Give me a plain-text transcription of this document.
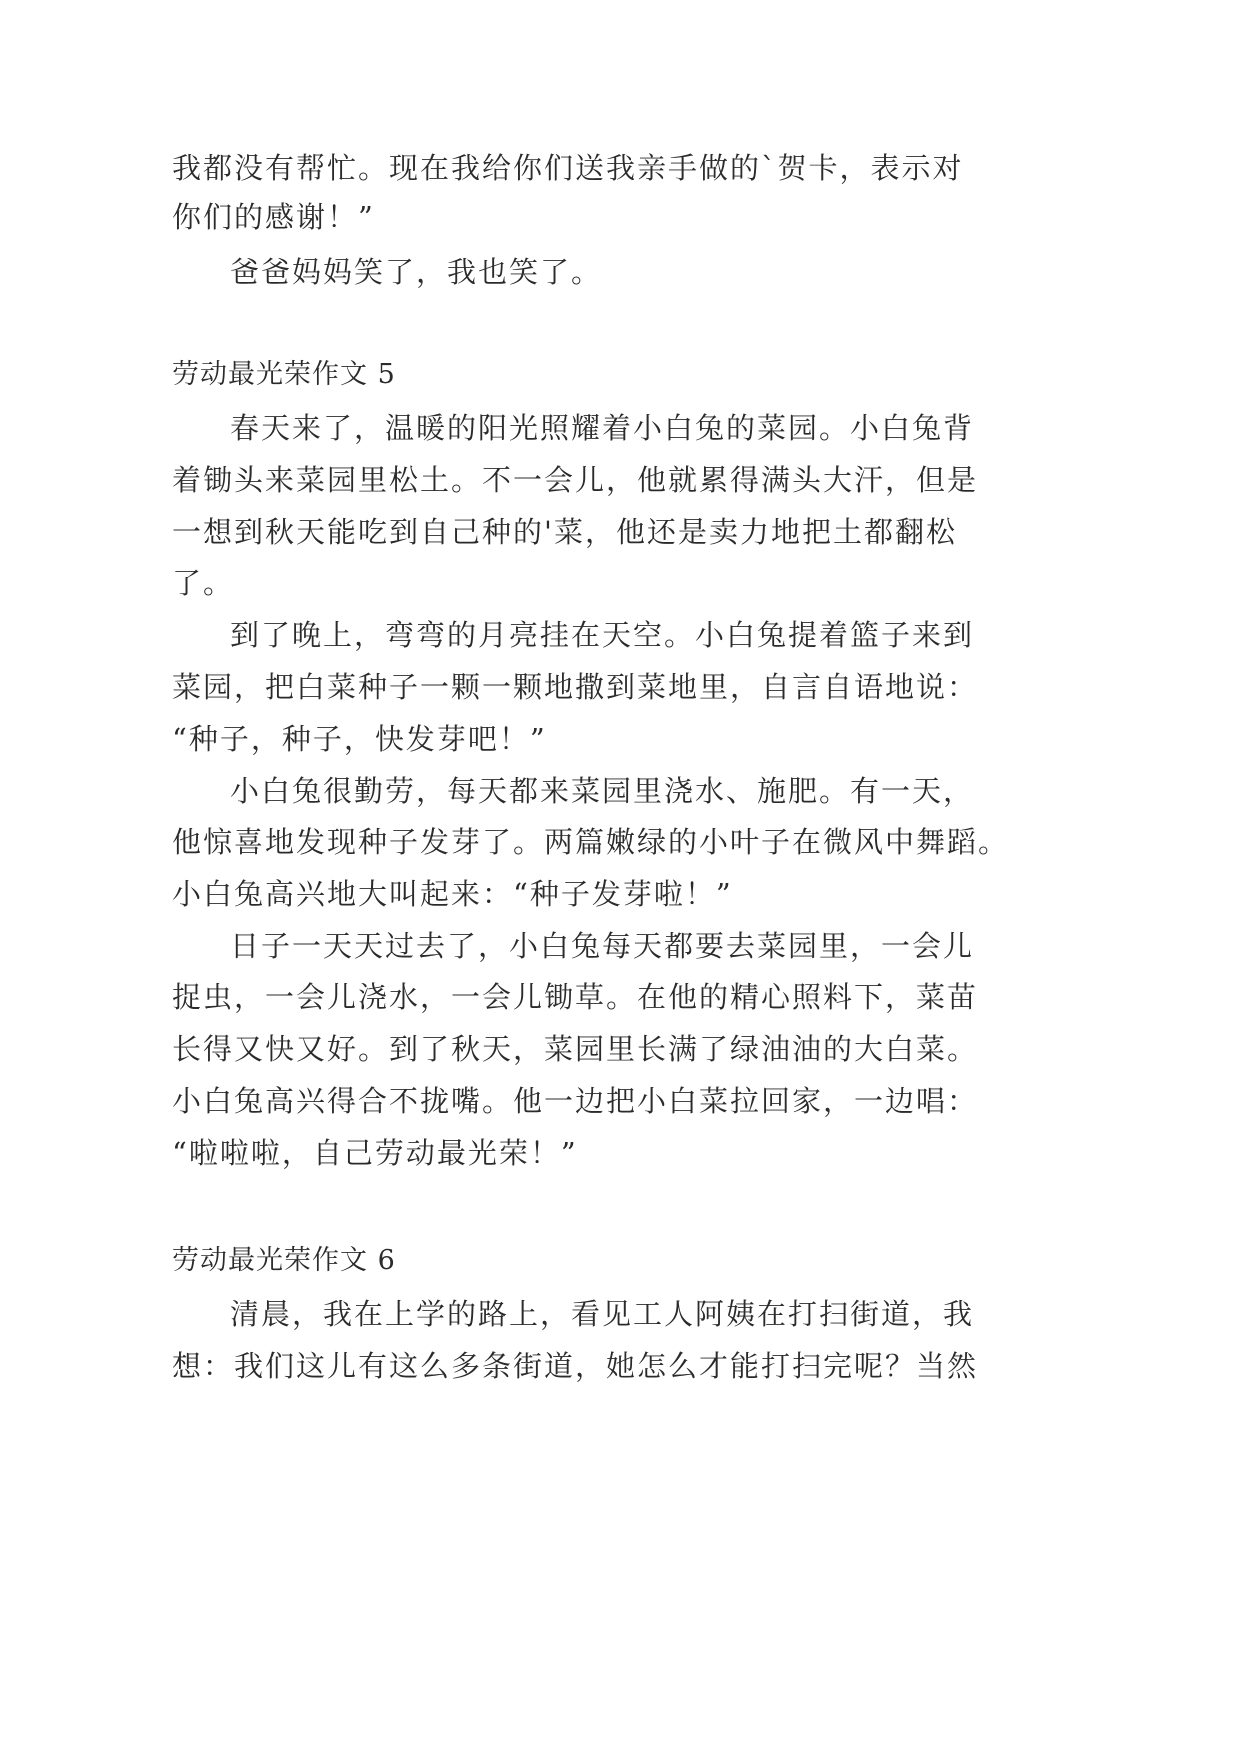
我都没有帮忙。现在我给你们送我亲手做的`贺卡，表示对
你们的感谢！”
爸爸妈妈笑了，我也笑了。
劳动最光荣作文 5
春天来了，温暖的阳光照耀着小白兔的菜园。小白兔背
着锄头来菜园里松土。不一会儿，他就累得满头大汗，但是
一想到秋天能吃到自己种的'菜，他还是卖力地把土都翻松
了。
到了晚上，弯弯的月亮挂在天空。小白兔提着篮子来到
菜园，把白菜种子一颗一颗地撒到菜地里，自言自语地说：
“种子，种子，快发芽吧！”
小白兔很勤劳，每天都来菜园里浇水、施肥。有一天，
他惊喜地发现种子发芽了。两篇嫩绿的小叶子在微风中舞蹈。
小白兔高兴地大叫起来：“种子发芽啦！”
日子一天天过去了，小白兔每天都要去菜园里，一会儿
捉虫，一会儿浇水，一会儿锄草。在他的精心照料下，菜苗
长得又快又好。到了秋天，菜园里长满了绿油油的大白菜。
小白兔高兴得合不拢嘴。他一边把小白菜拉回家，一边唱：
“啦啦啦，自己劳动最光荣！”
劳动最光荣作文 6
清晨，我在上学的路上，看见工人阿姨在打扫街道，我
想：我们这儿有这么多条街道，她怎么才能打扫完呢？当然
